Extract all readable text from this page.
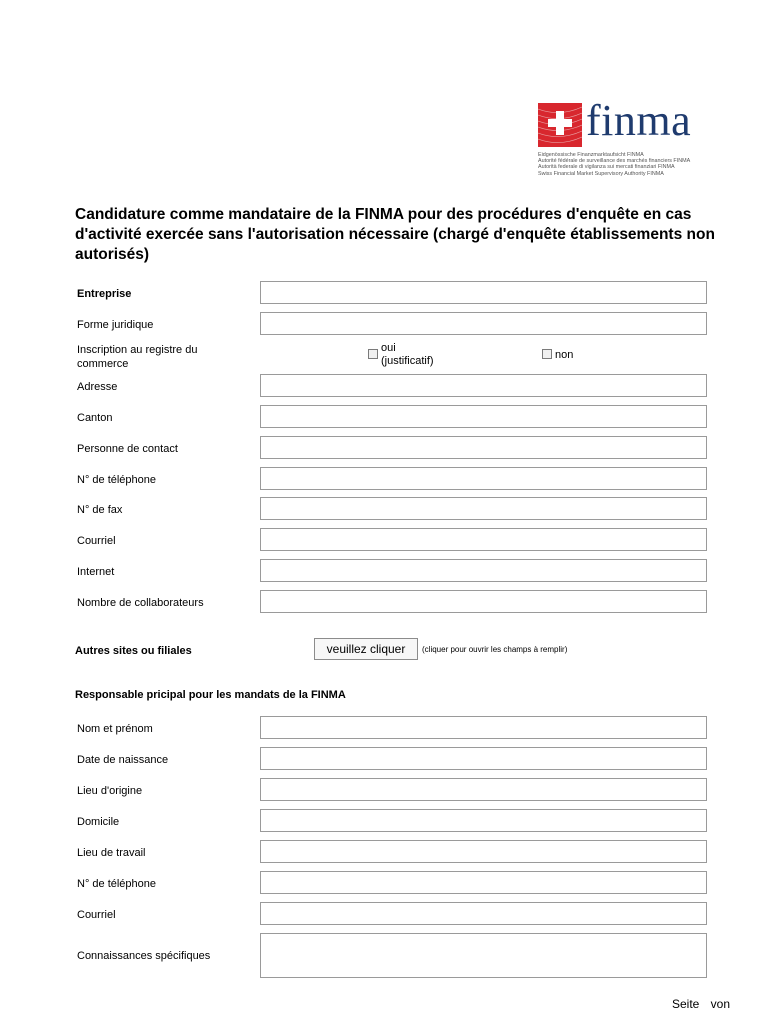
finma
Eidgenössische Finanzmarktaufsicht FINMA
Autorité fédérale de surveillance des marchés financiers FINMA
Autorità federale di vigilanza sui mercati finanziari FINMA
Swiss Financial Market Supervisory Authority FINMA
Candidature comme mandataire de la FINMA pour des procédures d'enquête en cas d'activité exercée sans l'autorisation nécessaire (chargé d'enquête établissements non autorisés)
Entreprise
Forme juridique
Inscription au registre du commerce
oui (justificatif)	non
Adresse
Canton
Personne de contact
N° de téléphone
N° de fax
Courriel
Internet
Nombre de collaborateurs
Autres sites ou filiales	veuillez cliquer	(cliquer pour ouvrir les champs à remplir)
Responsable pricipal pour les mandats de la FINMA
Nom et prénom
Date de naissance
Lieu d'origine
Domicile
Lieu de travail
N° de téléphone
Courriel
Connaissances spécifiques
Seite von
